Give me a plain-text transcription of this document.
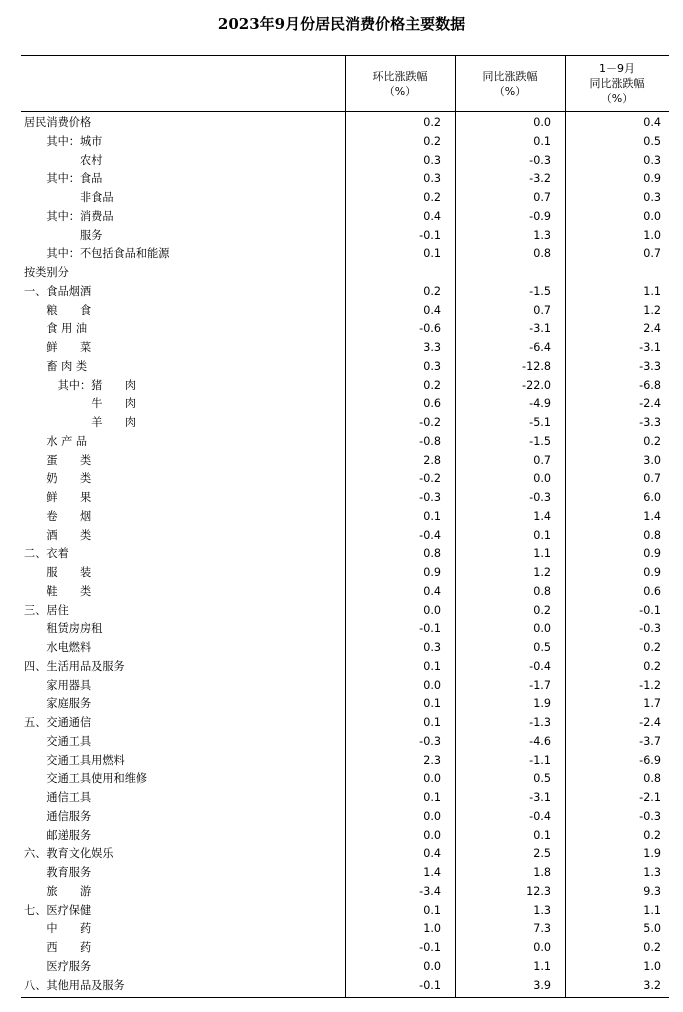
2023年9月份居民消费价格主要数据
环比涨跌幅
（%）
同比涨跌幅
（%）
1－9月
同比涨跌幅
（%）
居民消费价格	0.2	0.0	0.4
其中：城市	0.2	0.1	0.5
农村	0.3	-0.3	0.3
其中：食品	0.3	-3.2	0.9
非食品	0.2	0.7	0.3
其中：消费品	0.4	-0.9	0.0
服务	-0.1	1.3	1.0
其中：不包括食品和能源	0.1	0.8	0.7
按类别分
一、食品烟酒	0.2	-1.5	1.1
粮　　食	0.4	0.7	1.2
食 用 油	-0.6	-3.1	2.4
鲜　　菜	3.3	-6.4	-3.1
畜 肉 类	0.3	-12.8	-3.3
其中：猪　　肉	0.2	-22.0	-6.8
牛　　肉	0.6	-4.9	-2.4
羊　　肉	-0.2	-5.1	-3.3
水 产 品	-0.8	-1.5	0.2
蛋　　类	2.8	0.7	3.0
奶　　类	-0.2	0.0	0.7
鲜　　果	-0.3	-0.3	6.0
卷　　烟	0.1	1.4	1.4
酒　　类	-0.4	0.1	0.8
二、衣着	0.8	1.1	0.9
服　　装	0.9	1.2	0.9
鞋　　类	0.4	0.8	0.6
三、居住	0.0	0.2	-0.1
租赁房房租	-0.1	0.0	-0.3
水电燃料	0.3	0.5	0.2
四、生活用品及服务	0.1	-0.4	0.2
家用器具	0.0	-1.7	-1.2
家庭服务	0.1	1.9	1.7
五、交通通信	0.1	-1.3	-2.4
交通工具	-0.3	-4.6	-3.7
交通工具用燃料	2.3	-1.1	-6.9
交通工具使用和维修	0.0	0.5	0.8
通信工具	0.1	-3.1	-2.1
通信服务	0.0	-0.4	-0.3
邮递服务	0.0	0.1	0.2
六、教育文化娱乐	0.4	2.5	1.9
教育服务	1.4	1.8	1.3
旅　　游	-3.4	12.3	9.3
七、医疗保健	0.1	1.3	1.1
中　　药	1.0	7.3	5.0
西　　药	-0.1	0.0	0.2
医疗服务	0.0	1.1	1.0
八、其他用品及服务	-0.1	3.9	3.2
